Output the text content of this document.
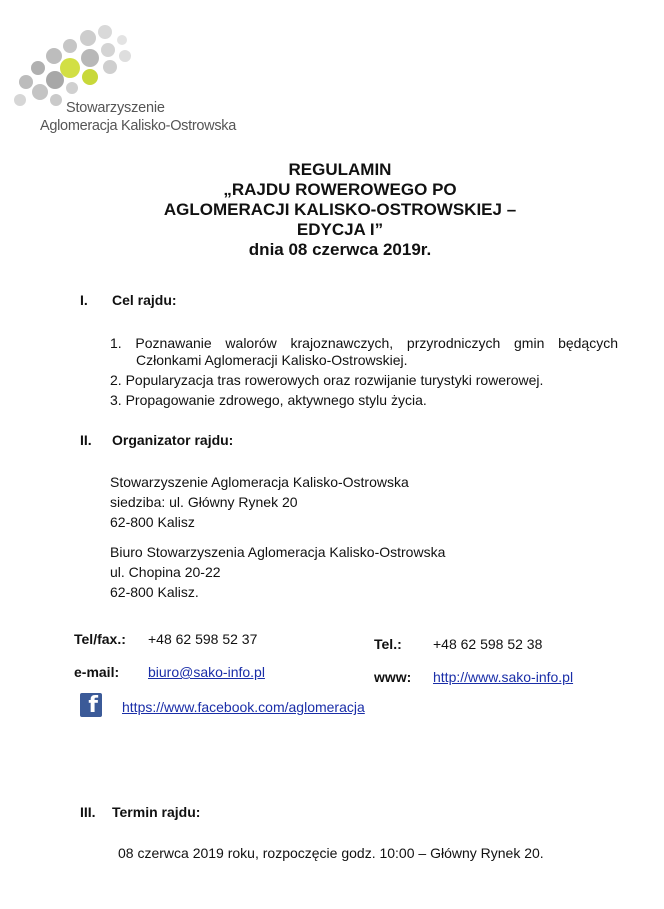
Stowarzyszenie
Aglomeracja Kalisko-Ostrowska
REGULAMIN
„RAJDU ROWEROWEGO PO
AGLOMERACJI KALISKO-OSTROWSKIEJ –
EDYCJA I”
dnia 08 czerwca 2019r.
I. Cel rajdu:
1. Poznawanie walorów krajoznawczych, przyrodniczych gmin będących
Członkami Aglomeracji Kalisko-Ostrowskiej.
2. Popularyzacja tras rowerowych oraz rozwijanie turystyki rowerowej.
3. Propagowanie zdrowego, aktywnego stylu życia.
II. Organizator rajdu:
Stowarzyszenie Aglomeracja Kalisko-Ostrowska
siedziba: ul. Główny Rynek 20
62-800 Kalisz
Biuro Stowarzyszenia Aglomeracja Kalisko-Ostrowska
ul. Chopina 20-22
62-800 Kalisz.
Tel/fax.: +48 62 598 52 37	Tel.: +48 62 598 52 38
e-mail: biuro@sako-info.pl	www: http://www.sako-info.pl
f https://www.facebook.com/aglomeracja
III. Termin rajdu:
08 czerwca 2019 roku, rozpoczęcie godz. 10:00 – Główny Rynek 20.
